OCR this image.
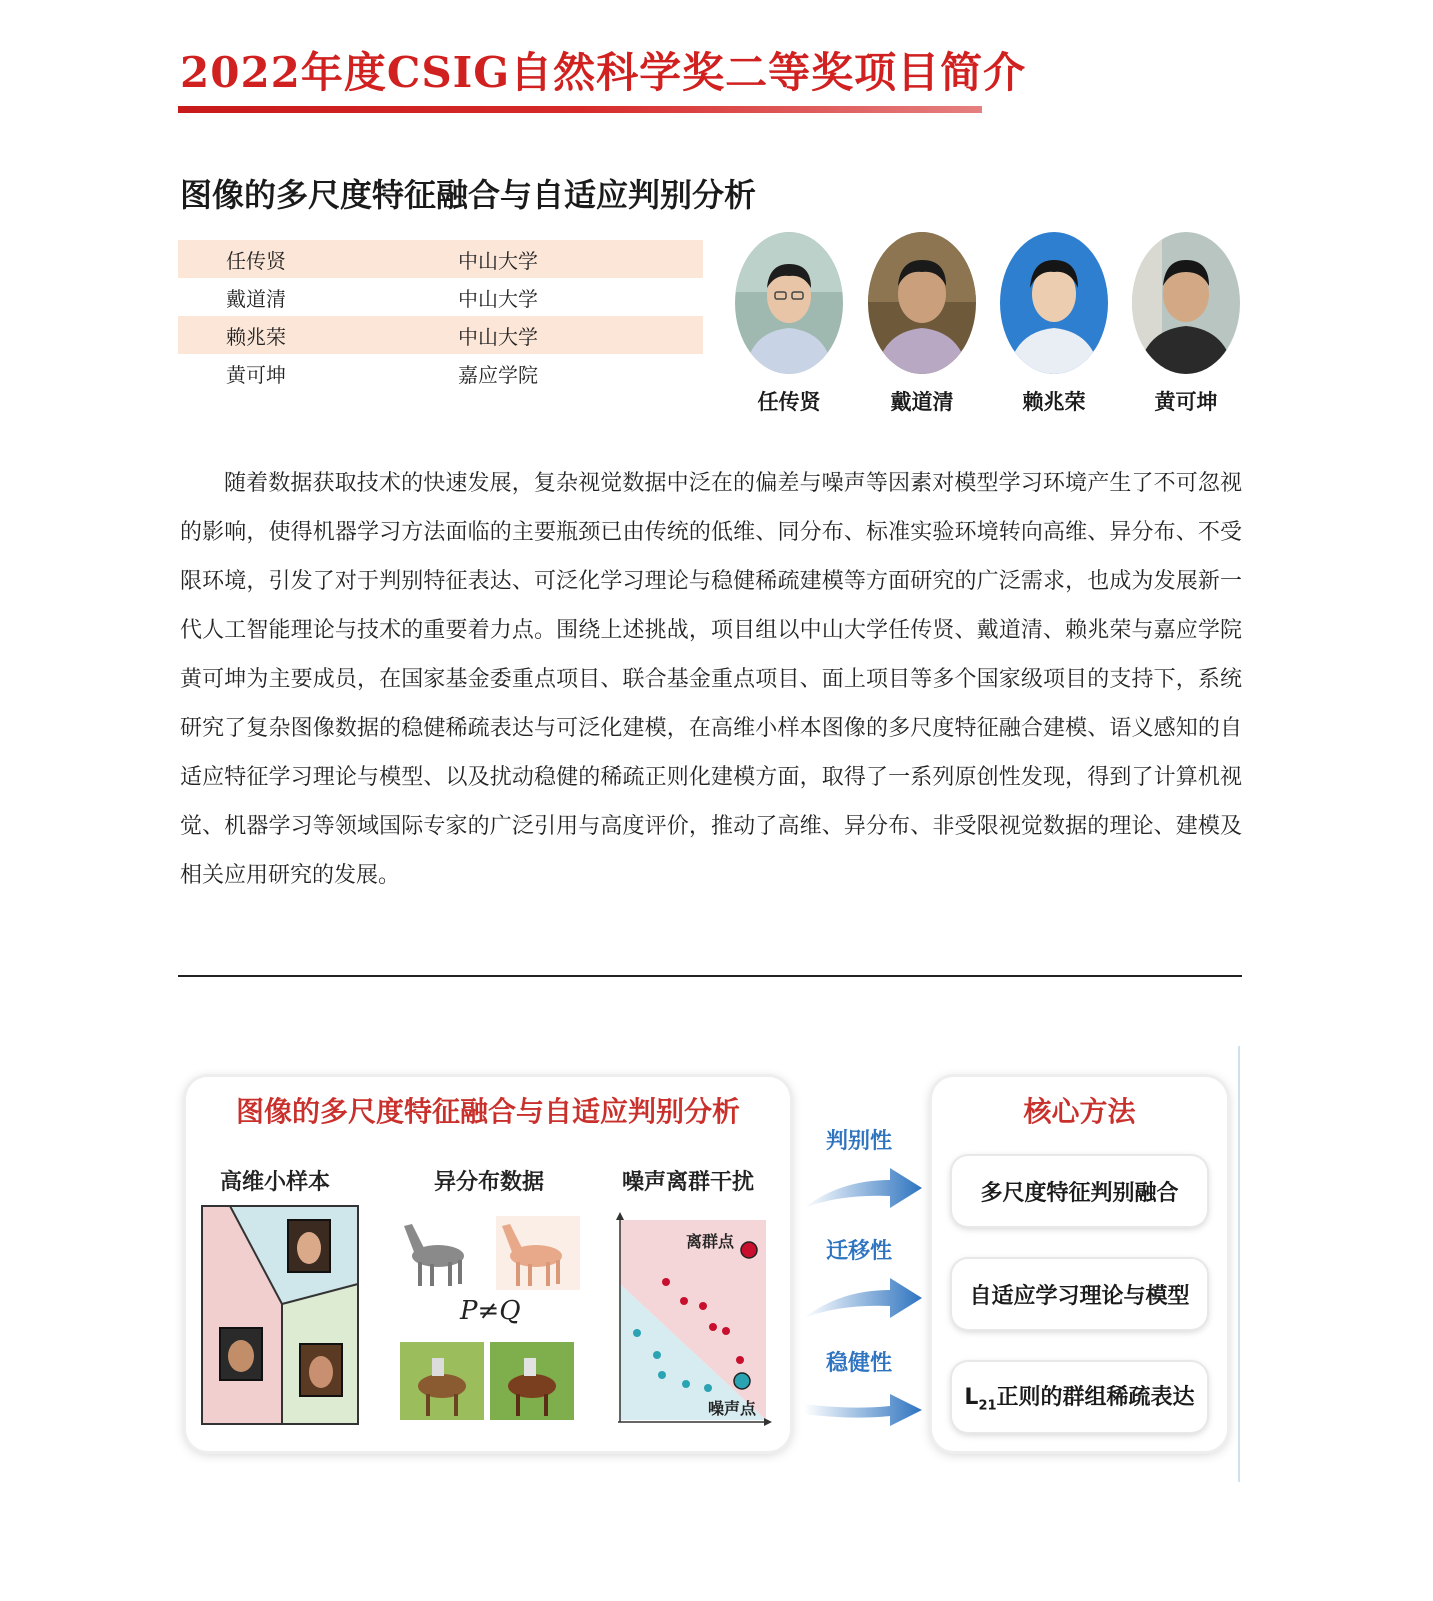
2022年度CSIG自然科学奖二等奖项目简介
图像的多尺度特征融合与自适应判别分析
任传贤	中山大学
戴道清	中山大学
赖兆荣	中山大学
黄可坤	嘉应学院
任传贤	戴道清	赖兆荣	黄可坤
随着数据获取技术的快速发展，复杂视觉数据中泛在的偏差与噪声等因素对模型学习环境产生了不可忽视的影响，使得机器学习方法面临的主要瓶颈已由传统的低维、同分布、标准实验环境转向高维、异分布、不受限环境，引发了对于判别特征表达、可泛化学习理论与稳健稀疏建模等方面研究的广泛需求，也成为发展新一代人工智能理论与技术的重要着力点。围绕上述挑战，项目组以中山大学任传贤、戴道清、赖兆荣与嘉应学院黄可坤为主要成员，在国家基金委重点项目、联合基金重点项目、面上项目等多个国家级项目的支持下，系统研究了复杂图像数据的稳健稀疏表达与可泛化建模，在高维小样本图像的多尺度特征融合建模、语义感知的自适应特征学习理论与模型、以及扰动稳健的稀疏正则化建模方面，取得了一系列原创性发现，得到了计算机视觉、机器学习等领域国际专家的广泛引用与高度评价，推动了高维、异分布、非受限视觉数据的理论、建模及相关应用研究的发展。
图像的多尺度特征融合与自适应判别分析
高维小样本	异分布数据	噪声离群干扰
P≠Q
离群点
噪声点
判别性
迁移性
稳健性
核心方法
多尺度特征判别融合
自适应学习理论与模型
$L_{21}$正则的群组稀疏表达
